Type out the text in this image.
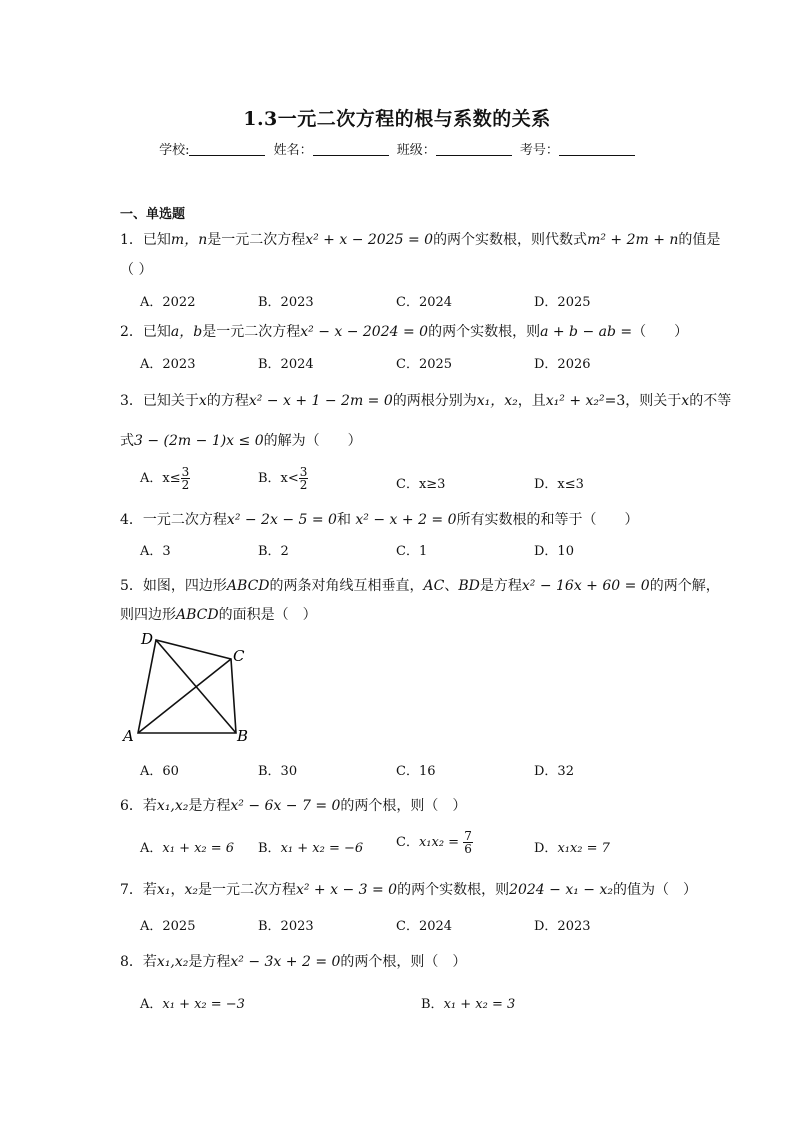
1.3一元二次方程的根与系数的关系
学校:	姓名：	班级：	考号：
一、单选题
1．已知m，n是一元二次方程x² + x − 2025 = 0的两个实数根，则代数式m² + 2m + n的值是
（ ）
A．2022	B．2023	C．2024	D．2025
2．已知a，b是一元二次方程x² − x − 2024 = 0的两个实数根，则a + b − ab =（　　）
A．2023	B．2024	C．2025	D．2026
3．已知关于x的方程x² − x + 1 − 2m = 0的两根分别为x₁，x₂，且x₁² + x₂²=3，则关于x的不等
式3 − (2m − 1)x ≤ 0的解为（　　）
A．$x\le \frac{3}{2}$	B．$x< \frac{3}{2}$	C．x≥3	D．x≤3
4．一元二次方程x² − 2x − 5 = 0和 x² − x + 2 = 0所有实数根的和等于（　　）
A．3	B．2	C．1	D．10
5．如图，四边形ABCD的两条对角线互相垂直，AC、BD是方程x² − 16x + 60 = 0的两个解，
则四边形ABCD的面积是（　）
A	B
C
D
A．60	B．30	C．16	D．32
6．若x₁,x₂是方程x² − 6x − 7 = 0的两个根，则（　）
A．x₁ + x₂ = 6 B．x₁ + x₂ = −6	C．$x_1x_2 = \frac{7}{6}$	D．x₁x₂ = 7
7．若x₁，x₂是一元二次方程x² + x − 3 = 0的两个实数根，则2024 − x₁ − x₂的值为（　）
A．2025	B．2023	C．2024	D．2023
8．若x₁,x₂是方程x² − 3x + 2 = 0的两个根，则（　）
A．x₁ + x₂ = −3	B．x₁ + x₂ = 3
